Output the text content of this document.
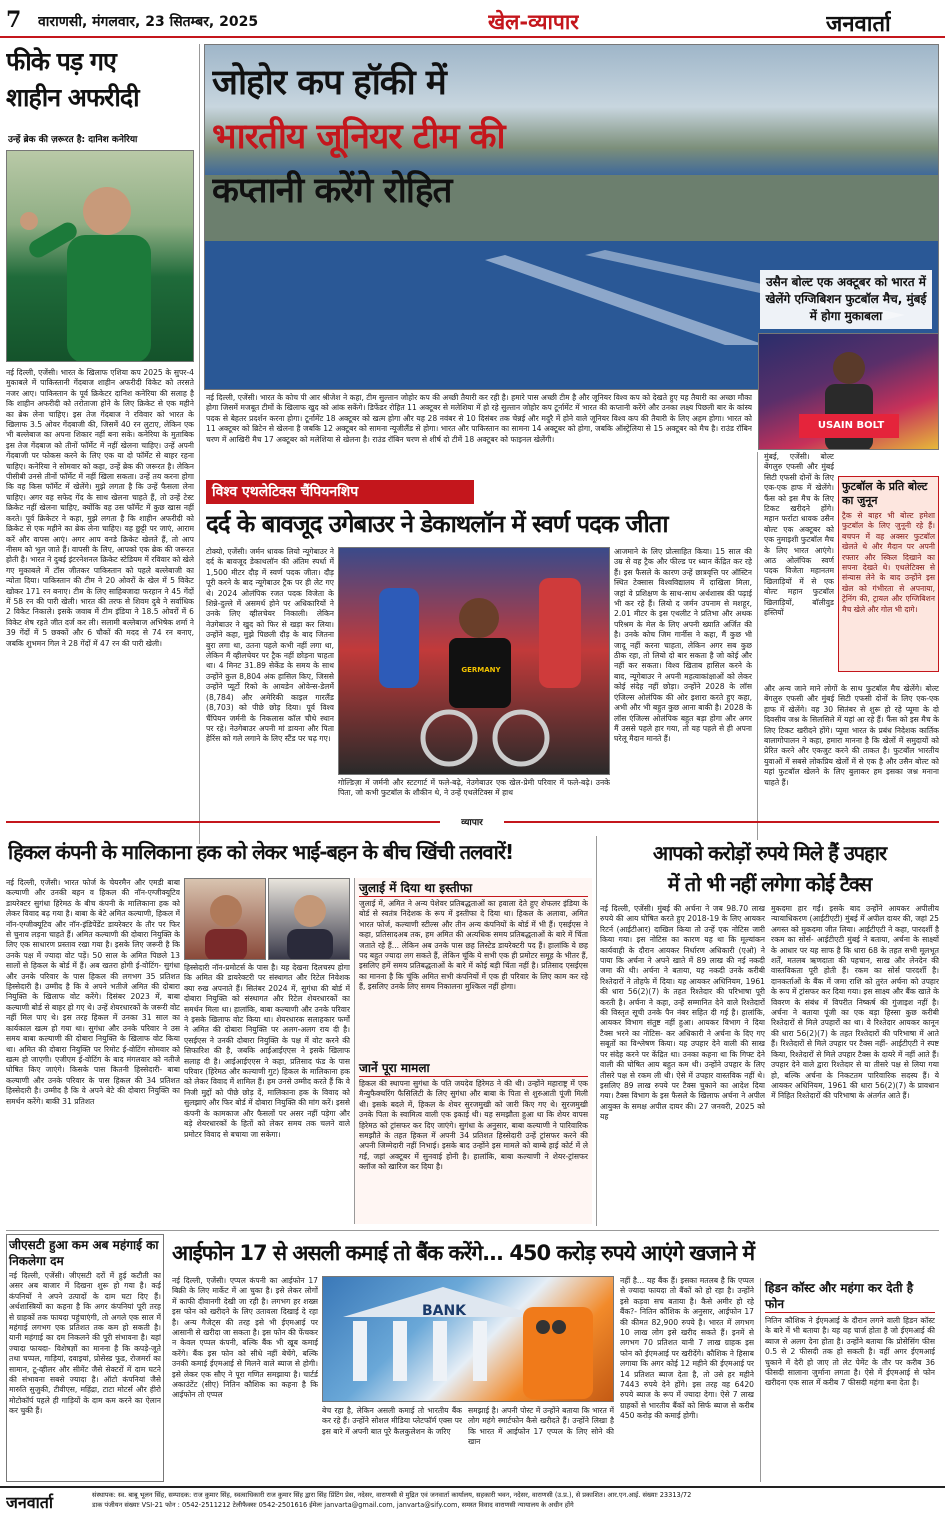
7 वाराणसी, मंगलवार, 23 सितम्बर, 2025	खेल-व्यापार	जनवार्ता
फीके पड़ गए
शाहीन अफरीदी
उन्हें ब्रेक की ज़रूरत है: दानिश कनेरिया
नई दिल्ली, एजेंसी। भारत के खिलाफ एशिया कप 2025 के सुपर-4 मुकाबले में पाकिस्तानी गेंदबाज शाहीन अफरीदी विकेट को तरसते नजर आए। पाकिस्तान के पूर्व क्रिकेटर दानिश कनेरिया की सलाह है कि शाहीन अफरीदी को तरोताजा होने के लिए क्रिकेट से एक महीने का ब्रेक लेना चाहिए। इस तेज गेंदबाज ने रविवार को भारत के खिलाफ 3.5 ओवर गेंदबाजी की, जिसमें 40 रन लुटाए, लेकिन एक भी बल्लेबाज का अपना शिकार नहीं बना सके। कनेरिया के मुताबिक इस तेज गेंदबाज को तीनों फॉर्मेट में नहीं खेलना चाहिए। उन्हें अपनी गेंदबाजी पर फोकस करने के लिए एक या दो फॉर्मेट से बाहर रहना चाहिए। कनेरिया ने सोमवार को कहा, उन्हें ब्रेक की जरूरत है। लेकिन पीसीबी उनसे तीनों फॉर्मेट में नहीं खिला सकता। उन्हें तय करना होगा कि वह किस फॉर्मेट में खेलेंगे। मुझे लगता है कि उन्हें फैसला लेना चाहिए। अगर वह सफेद गेंद के साथ खेलना चाहते हैं, तो उन्हें टेस्ट क्रिकेट नहीं खेलना चाहिए, क्योंकि वह उस फॉर्मेट में कुछ खास नहीं करते। पूर्व क्रिकेटर ने कहा, मुझे लगता है कि शाहीन अफरीदी को क्रिकेट से एक महीने का ब्रेक लेना चाहिए। वह छुट्टी पर जाएं, आराम करें और वापस आएं। अगर आप वनडे क्रिकेट खेलते हैं, तो आप नीसम को भूल जाते हैं। वापसी के लिए, आपको एक ब्रेक की जरूरत होती है। भारत ने दुबई इंटरनेशनल क्रिकेट स्टेडियम में रविवार को खेले गए मुकाबले में टॉस जीतकर पाकिस्तान को पहले बल्लेबाजी का न्योता दिया। पाकिस्तान की टीम ने 20 ओवरों के खेल में 5 विकेट खोकर 171 रन बनाए। टीम के लिए साहिबजादा फरहान ने 45 गेंदों में 58 रन की पारी खेली। भारत की तरफ से शिवम दुबे ने सर्वाधिक 2 विकेट निकाले। इसके जवाब में टीम इंडिया ने 18.5 ओवरों में 6 विकेट शेष रहते जीत दर्ज कर ली। सलामी बल्लेबाज अभिषेक शर्मा ने 39 गेंदों में 5 छक्कों और 6 चौकों की मदद से 74 रन बनाए, जबकि शुभमन गिल ने 28 गेंदों में 47 रन की पारी खेली।
जोहोर कप हॉकी में
भारतीय जूनियर टीम की
कप्तानी करेंगे रोहित
उसैन बोल्ट एक अक्टूबर को भारत में खेलेंगे एग्जिबिशन फुटबॉल मैच, मुंबई में होगा मुकाबला
USAIN BOLT
नई दिल्ली, एजेंसी। भारत के कोच पी आर श्रीजेश ने कहा, टीम सुल्तान जोहोर कप की अच्छी तैयारी कर रही है। हमारे पास अच्छी टीम है और जूनियर विश्व कप को देखते हुए यह तैयारी का अच्छा मौका होगा जिसमें मजबूत टीमों के खिलाफ खुद को आंक सकेंगे। डिफेंडर रोहित 11 अक्टूबर से मलेशिया में हो रहे सुल्तान जोहोर कप टूर्नामेंट में भारत की कप्तानी करेंगे और उनका लक्ष्य पिछली बार के कांस्य पदक से बेहतर प्रदर्शन करना होगा। टूर्नामेंट 18 अक्टूबर को खत्म होगा और यह 28 नवंबर से 10 दिसंबर तक चेन्नई और मदुरै में होने वाले जूनियर विश्व कप की तैयारी के लिए अहम होगा। भारत को 11 अक्टूबर को ब्रिटेन से खेलना है जबकि 12 अक्टूबर को सामना न्यूजीलैंड से होगा। भारत और पाकिस्तान का सामना 14 अक्टूबर को होगा, जबकि ऑस्ट्रेलिया से 15 अक्टूबर को मैच है। राउंड रॉबिन चरण में आखिरी मैच 17 अक्टूबर को मलेशिया से खेलना है। राउंड रॉबिन चरण से शीर्ष दो टीमें 18 अक्टूबर को फाइनल खेलेंगी।
मुंबई, एजेंसी। बोल्ट बेंगलुरु एफसी और मुंबई सिटी एफसी दोनों के लिए एक-एक हाफ में खेलेंगे। फैंस को इस मैच के लिए टिकट खरीदने होंगे। महान फर्राटा धावक उसैन बोल्ट एक अक्टूबर को एक नुमाइशी फुटबॉल मैच के लिए भारत आएंगे। आठ ओलंपिक स्वर्ण पदक विजेता महानतम खिलाड़ियों में से एक बोल्ट महान फुटबॉल खिलाड़ियों, बॉलीवुड हस्तियों
फुटबॉल के प्रति बोल्ट का जुनून
ट्रैक से बाहर भी बोल्ट हमेशा फुटबॉल के लिए जुनूनी रहे हैं। बचपन में वह अक्सर फुटबॉल खेलते थे और मैदान पर अपनी रफ्तार और स्किल दिखाने का सपना देखते थे। एथलेटिक्स से संन्यास लेने के बाद उन्होंने इस खेल को गंभीरता से अपनाया, ट्रेनिंग की, ट्रायल और एग्जिबिशन मैच खेले और गोल भी दागे।
और अन्य जाने माने लोगों के साथ फुटबॉल मैच खेलेंगे। बोल्ट बेंगलुरु एफसी और मुंबई सिटी एफसी दोनों के लिए एक-एक हाफ में खेलेंगे। वह 30 सितंबर से शुरू हो रहे प्यूमा के दो दिवसीय जश्न के सिलसिले में यहां आ रहे हैं। फैंस को इस मैच के लिए टिकट खरीदने होंगे। प्यूमा भारत के प्रबंध निदेशक कार्तिक बालागोपालन ने कहा, हमारा मानना है कि खेलों में समुदायों को प्रेरित करने और एकजुट करने की ताकत है। फुटबॉल भारतीय युवाओं में सबसे लोकप्रिय खेलों में से एक है और उसैन बोल्ट को यहां फुटबॉल खेलने के लिए बुलाकर हम इसका जश्न मनाना चाहते हैं।
विश्व एथलेटिक्स चैंपियनशिप
दर्द के बावजूद उगेबाउर ने डेकाथलॉन में स्वर्ण पदक जीता
टोक्यो, एजेंसी। जर्मन धावक लियो न्यूगेबाउर ने दर्द के बावजूद डेकाथलॉन की अंतिम स्पर्धा में 1,500 मीटर दौड़ में स्वर्ण पदक जीता। दौड़ पूरी करने के बाद न्यूगेबाउर ट्रैक पर ही लेट गए थे। 2024 ओलंपिक रजत पदक विजेता के शिन्ने-दुल्ले में असमर्थ होने पर अधिकारियों ने उनके लिए व्हीलचेयर निकाली। लेकिन नेउगेबाउर ने खुद को फिर से खड़ा कर लिया। उन्होंने कहा, मुझे पिछली दौड़ के बाद जितना बुरा लगा था, उतना पहले कभी नहीं लगा था, लेकिन मैं व्हीलचेयर पर ट्रैक नहीं छोड़ना चाहता था। 4 मिनट 31.89 सेकेंड के समय के साथ उन्होंने कुल 8,804 अंक हासिल किए, जिससे उन्होंने प्यूर्टो रिको के आयडेन ओवेन्स-डेलर्मे (8,784) और अमेरिकी काइल गारलैंड (8,703) को पीछे छोड़ दिया। पूर्व विश्व चैंपियन जर्मनी के निकलास कॉल चौथे स्थान पर रहे। नेउगेबाउर अपनी मां डायना और पिता हेरिंस को गले लगाने के लिए स्टैंड पर चढ़ गए।
GERMANY
गोल्डिज़ा में जर्मनी और स्टटगार्ट में फले-बढ़े, नेउगेबाउर एक खेल-प्रेमी परिवार में फले-बढ़े। उनके पिता, जो कभी फुटबॉल के शौकीन थे, ने उन्हें एथलेटिक्स में हाथ
आजमाने के लिए प्रोत्साहित किया। 15 साल की उम्र से वह ट्रैक और फील्ड पर ध्यान केंद्रित कर रहे हैं। इस फैसले के कारण उन्हें छात्रवृत्ति पर ऑस्टिन स्थित टेक्सास विश्वविद्यालय में दाखिला मिला, जहां वे प्रशिक्षण के साथ-साथ अर्थशास्त्र की पढ़ाई भी कर रहे हैं। लियो द जर्मन उपनाम से मशहूर, 2.01 मीटर के इस एथलीट ने प्रतिभा और अथक परिश्रम के मेल के लिए अपनी ख्याति अर्जित की है। उनके कोच जिम गार्नीस ने कहा, मैं कुछ भी जादू नहीं करना चाहता, लेकिन अगर सब कुछ ठीक रहा, तो लियो दो बार सकता है जो कोई और नहीं कर सकता। विश्व खिताब हासिल करने के बाद, न्यूगेबाउर ने अपनी महत्वाकांक्षाओं को लेकर कोई संदेह नहीं छोड़ा। उन्होंने 2028 के लॉस एंजिल्स ओलंपिक की ओर इशारा करते हुए कहा, अभी और भी बहुत कुछ आना बाकी है। 2028 के लॉस एंजिल्स ओलंपिक बहुत बड़ा होगा और अगर मैं उससे पहले हार गया, तो यह पहले से ही अपना घरेलू मैदान मानते हैं।
व्यापार
हिकल कंपनी के मालिकाना हक को लेकर भाई-बहन के बीच खिंची तलवारें!
नई दिल्ली, एजेंसी। भारत फोर्ज के चेयरमैन और एमडी बाबा कल्याणी और उनकी बहन व हिकल की नॉन-एग्जीक्यूटिव डायरेक्टर सुगंधा हिरेमठ के बीच कंपनी के मालिकाना हक को लेकर विवाद बढ़ गया है। बाबा के बेटे अमित कल्याणी, हिकल में नॉन-एग्जीक्यूटिव और नॉन-इंडिपेंडेंट डायरेक्टर के तौर पर फिर से चुनाव लड़ना चाहते हैं। अमित कल्याणी की दोबारा नियुक्ति के लिए एक साधारण प्रस्ताव रखा गया है। इसके लिए जरूरी है कि उनके पक्ष में ज्यादा वोट पड़ें। 50 साल के अमित पिछले 13 सालों से हिकल के बोर्ड में हैं। अब खतरा होगी ई-वोटिंग- सुगंधा और उनके परिवार के पास हिकल की लगभग 35 प्रतिशत हिस्सेदारी है। उम्मीद है कि वे अपने भतीजे अमित की दोबारा नियुक्ति के खिलाफ वोट करेंगे। दिसंबर 2023 में, बाबा कल्याणी बोर्ड से बाहर हो गए थे। उन्हें शेयरधारकों के जरूरी वोट नहीं मिल पाए थे। इस तरह हिकल में उनका 31 साल का कार्यकाल खत्म हो गया था। सुगंधा और उनके परिवार ने उस समय बाबा कल्याणी की दोबारा नियुक्ति के खिलाफ वोट किया था। अमित की दोबारा नियुक्ति पर रिमोट ई-वोटिंग सोमवार को खत्म हो जाएगी। एजीएम ई-वोटिंग के बाद मंगलवार को नतीजे घोषित किए जाएंगे। किसके पास कितनी हिस्सेदारी- बाबा कल्याणी और उनके परिवार के पास हिकल की 34 प्रतिशत हिस्सेदारी है। उम्मीद है कि वे अपने बेटे की दोबारा नियुक्ति का समर्थन करेंगे। बाकी 31 प्रतिशत
हिस्सेदारी नॉन-प्रमोटर्स के पास है। यह देखना दिलचस्प होगा कि अमित की डायरेक्टरी पर संस्थागत और रिटेल निवेशक क्या रुख अपनाते हैं। सितंबर 2024 में, सुगंधा की बोर्ड में दोबारा नियुक्ति को संस्थागत और रिटेल शेयरधारकों का समर्थन मिला था। हालांकि, बाबा कल्याणी और उनके परिवार ने इसके खिलाफ वोट किया था। शेयरधारक सलाहकार फर्मों ने अमित की दोबारा नियुक्ति पर अलग-अलग राय दी है। एसईएस ने उनकी दोबारा नियुक्ति के पक्ष में वोट करने की सिफारिश की है, जबकि आईआईएएस ने इसके खिलाफ सलाह दी है। आईआईएएस ने कहा, प्रतिसाद फंड के पास परिवार (हिरेमठ और कल्याणी गुट) हिकल के मालिकाना हक को लेकर विवाद में शामिल हैं। हम उनसे उम्मीद करते हैं कि वे निजी मुद्दों को पीछे छोड़ दें, मालिकाना हक के विवाद को सुलझाएं और फिर बोर्ड में दोबारा नियुक्ति की मांग करें। इससे कंपनी के कामकाज और फैसलों पर असर नहीं पड़ेगा और बड़े शेयरधारकों के हितों को लेकर समय तक चलने वाले प्रमोटर विवाद से बचाया जा सकेगा।
जुलाई में दिया था इस्तीफा
जुलाई में, अमित ने अन्य पेशेवर प्रतिबद्धताओं का हवाला देते हुए शेफलर इंडिया के बोर्ड से स्वतंत्र निदेशक के रूप में इस्तीफा दे दिया था। हिकल के अलावा, अमित भारत फोर्ज, कल्याणी स्टील्स और तीन अन्य कंपनियों के बोर्ड में भी हैं। एसईएस ने कहा, प्रतिसादअब तक, हम अमित की अत्यधिक समय प्रतिबद्धताओं के बारे में चिंता जताते रहे हैं... लेकिन अब उनके पास छह लिस्टेड डायरेक्टरी पद हैं। हालांकि ये छह पद बहुत ज्यादा लग सकते हैं, लेकिन चूंकि ये सभी एक ही प्रमोटर समूह के भीतर हैं, इसलिए हमें समय प्रतिबद्धताओं के बारे में कोई बड़ी चिंता नहीं है। प्रतिसाद एसईएस का मानना है कि चूंकि अमित सभी कंपनियों में एक ही परिवार के लिए काम कर रहे हैं, इसलिए उनके लिए समय निकालना मुश्किल नहीं होगा।
जानें पूरा मामला
हिकल की स्थापना सुगंधा के पति जयदेव हिरेमठ ने की थी। उन्होंने महाराष्ट्र में एक मैन्युफैक्चरिंग फैसिलिटी के लिए सुगंधा और बाबा के पिता से शुरुआती पूंजी मिली थी। इसके बदले में, हिकल के शेयर सुरजमुखी को जारी किए गए थे। सुरजमुखी उनके पिता के स्वामित्व वाली एक इकाई थी। यह समझौता हुआ था कि शेयर वापस हिरेमठ को ट्रांसफर कर दिए जाएंगे। सुगंधा के अनुसार, बाबा कल्याणी ने पारिवारिक समझौते के तहत हिकल में अपनी 34 प्रतिशत हिस्सेदारी उन्हें ट्रांसफर करने की अपनी जिम्मेदारी नहीं निभाई। इसके बाद उन्होंने इस मामले को बाम्बे हाई कोर्ट में ले गईं, जहां अक्टूबर में सुनवाई होनी है। हालांकि, बाबा कल्याणी ने शेयर-ट्रांसफर क्लॉज को खारिज कर दिया है।
आपको करोड़ों रुपये मिले हैं उपहार
में तो भी नहीं लगेगा कोई टैक्स
नई दिल्ली, एजेंसी। मुंबई की अर्चना ने जब 98.70 लाख रुपये की आय घोषित करते हुए 2018-19 के लिए आयकर रिटर्न (आईटीआर) दाखिल किया तो उन्हें एक नोटिस जारी किया गया। इस नोटिस का कारण यह था कि मूल्यांकन कार्यवाही के दौरान आयकर निर्धारण अधिकारी (एओ) ने पाया कि अर्चना ने अपने खाते में 89 लाख की नई नकदी जमा की थी। अर्चना ने बताया, यह नकदी उनके करीबी रिश्तेदारों ने तोहफे में दिया। यह आयकर अधिनियम, 1961 की धारा 56(2)(7) के तहत रिश्तेदार की परिभाषा पूरी करती है। अर्चना ने कहा, उन्हें सम्मानित देने वाले रिश्तेदारों की विस्तृत सूची उनके पैन नंबर सहित दी गई है। हालांकि, आयकर विभाग संतुष्ट नहीं हुआ। आयकर विभाग ने दिया टैक्स भरने का नोटिस- कर अधिकारी ने अर्चना के दिए गए सबूतों का विश्लेषण किया। यह उपहार देने वाली की साख पर संदेह करने पर केंद्रित था। उनका कहना था कि गिफ्ट देने वाली की घोषित आय बहुत कम थी। उन्होंने उपहार के लिए तीसरे पक्ष से रकम ली थी। ऐसे में उपहार वास्तविक नहीं थे। इसलिए 89 लाख रुपये पर टैक्स चुकाने का आदेश दिया गया। टैक्स विभाग के इस फैसले के खिलाफ अर्चना ने अपील आयुक्त के समक्ष अपील दायर की। 27 जनवरी, 2025 को यह
मुकदमा हार गईं। इसके बाद उन्होंने आयकर अपीलीय न्यायाधिकरण (आईटीएटी) मुंबई में अपील दायर की, जहां 25 अगस्त को मुकदमा जीत लिया। आईटीएटी ने कहा, पारदर्शी है रकम का सोर्स- आईटीएटी मुंबई ने बताया, अर्चना के साक्ष्यों के आधार पर यह साफ है कि धारा 68 के तहत सभी मूलभूत शर्तें, मतलब ऋणदाता की पहचान, साख और लेनदेन की वास्तविकता पूरी होती हैं। रकम का सोर्स पारदर्शी है। दानकर्ताओं के बैंक में जमा राशि को तुरंत अर्चना को उपहार के रूप में ट्रांसफर कर दिया गया। इस साक्ष्य और बैंक खाते के विवरण के संबंध में विपरीत निष्कर्ष की गुंजाइश नहीं है। अर्चना ने बताया पूंजी का एक बड़ा हिस्सा कुछ करीबी रिश्तेदारों से मिले उपहारों का था। ये रिश्तेदार आयकर कानून की धारा 56(2)(7) के तहत रिश्तेदारों की परिभाषा में आते हैं। रिश्तेदारों से मिले उपहार पर टैक्स नहीं- आईटीएटी ने स्पष्ट किया, रिश्तेदारों से मिले उपहार टैक्स के दायरे में नहीं आते हैं। उपहार देने वाले द्वारा रिश्तेदार से या तीसरे पक्ष से लिया गया हो, बल्कि अर्चना के निकटतम पारिवारिक सदस्य हैं। ये आयकर अधिनियम, 1961 की धारा 56(2)(7) के प्रावधान में निहित रिश्तेदारों की परिभाषा के अंतर्गत आते हैं।
जीएसटी हुआ कम अब महंगाई का निकलेगा दम
नई दिल्ली, एजेंसी। जीएसटी दरों में हुई कटौती का असर अब बाजार में दिखना शुरू हो गया है। कई कंपनियों ने अपने उत्पादों के दाम घटा दिए हैं। अर्थशास्त्रियों का कहना है कि अगर कंपनियां पूरी तरह से ग्राहकों तक फायदा पहुंचाएंगी, तो अगले एक साल में महंगाई लगभग एक प्रतिशत तक कम हो सकती है। यानी महंगाई का दम निकलने की पूरी संभावना है। यहां ज्यादा फायदा- विशेषज्ञों का मानना है कि कपड़े-जूते तथा चप्पल, गाड़ियां, दवाइयां, प्रोसेस्ड फूड, रोजमर्रा का सामान, टू-व्हीलर और सीमेंट जैसे सेक्टरों में दाम घटने की संभावना सबसे ज्यादा है। ऑटो कंपनियां जैसे मारुति सुजुकी, टीवीएस, महिंद्रा, टाटा मोटर्स और हीरो मोटोकॉर्प पहले ही गाड़ियों के दाम कम करने का ऐलान कर चुकी हैं।
आईफोन 17 से असली कमाई तो बैंक करेंगे... 450 करोड़ रुपये आएंगे खजाने में
नई दिल्ली, एजेंसी। एप्पल कंपनी का आईफोन 17 बिक्री के लिए मार्केट में आ चुका है। इसे लेकर लोगों में काफी दीवानगी देखी जा रही है। लगभग हर शख्स इस फोन को खरीदने के लिए उतावला दिखाई दे रहा है। अन्य गैजेट्स की तरह इसे भी ईएमआई पर आसानी से खरीदा जा सकता है। इस फोन की फेंचकर न केवल एप्पल कंपनी, बल्कि बैंक भी खूब कमाई करेंगे। बैंक इस फोन को सीधे नहीं बेचेंगे, बल्कि उनकी कमाई ईएमआई से मिलने वाले ब्याज से होगी। इसे लेकर एक सौए ने पूरा गणित समझाया है। चार्टर्ड अकाउंटेंट (सीए) नितिन कौशिक का कहना है कि आईफोन तो एप्पल
BANK
बेच रहा है, लेकिन असली कमाई तो भारतीय बैंक कर रहे हैं। उन्होंने सोशल मीडिया प्लेटफॉर्म एक्स पर इस बारे में अपनी बात पूरे कैलकुलेशन के जरिए
समझाई है। अपनी पोस्ट में उन्होंने बताया कि भारत में लोग महंगे स्मार्टफोन कैसे खरीदते हैं। उन्होंने लिखा है कि भारत में आईफोन 17 एप्पल के लिए सोने की खान
नहीं है... यह बैंक हैं। इसका मतलब है कि एप्पल से ज्यादा फायदा तो बैंकों को हो रहा है। उन्होंने इसे कड़वा सच बताया है। कैसे अमीर हो रहे बैंक?- नितिन कौशिक के अनुसार, आईफोन 17 की कीमत 82,900 रुपये है। भारत में लगभग 10 लाख लोग इसे खरीद सकते हैं। इनमें से लगभग 70 प्रतिशत यानी 7 लाख ग्राहक इस फोन को ईएमआई पर खरीदेंगे। कौशिक ने हिसाब लगाया कि अगर कोई 12 महीने की ईएमआई पर 14 प्रतिशत ब्याज देता है, तो उसे हर महीने 7443 रुपये देने होंगे। इस तरह वह 6420 रुपये ब्याज के रूप में ज्यादा देगा। ऐसे 7 लाख ग्राहकों से भारतीय बैंकों को सिर्फ ब्याज से करीब 450 करोड़ की कमाई होगी।
हिडन कॉस्ट और महंगा कर देती है फोन
नितिन कौशिक ने ईएमआई के दौरान लगने वाली हिडन कॉस्ट के बारे में भी बताया है। यह वह चार्ज होता है जो ईएमआई की ब्याज से अलग देना होता है। उन्होंने बताया कि प्रोसेसिंग फीस 0.5 से 2 फीसदी तक हो सकती है। वहीं अगर ईएमआई चुकाने में देरी हो जाए तो लेट पेमेंट के तौर पर करीब 36 फीसदी सालाना जुर्माना लगता है। ऐसे में ईएमआई से फोन खरीदना एक साल में करीब 7 फीसदी महंगा बना देता है।
जनवार्ता	संस्थापक: स्व. बाबू भूलन सिंह, सम्पादक: राज कुमार सिंह, स्वत्वाधिकारी राज कुमार सिंह द्वारा सिंह प्रिंटिंग प्रेस, नदेसर, वाराणसी से मुद्रित एवं जनवार्ता कार्यालय, सहकारी भवन, नदेसर, वाराणसी (उ.प्र.), से प्रकाशित। आर.एन.आई. संख्याः 23313/72
डाक पंजीयन संख्याः VSI-21 फोन : 0542-2511212 टेलीफैक्सः 0542-2501616 ईमेलः janvarta@gmail.com, janvarta@sify.com, समस्त विवाद वाराणसी न्यायालय के अधीन होंगे
